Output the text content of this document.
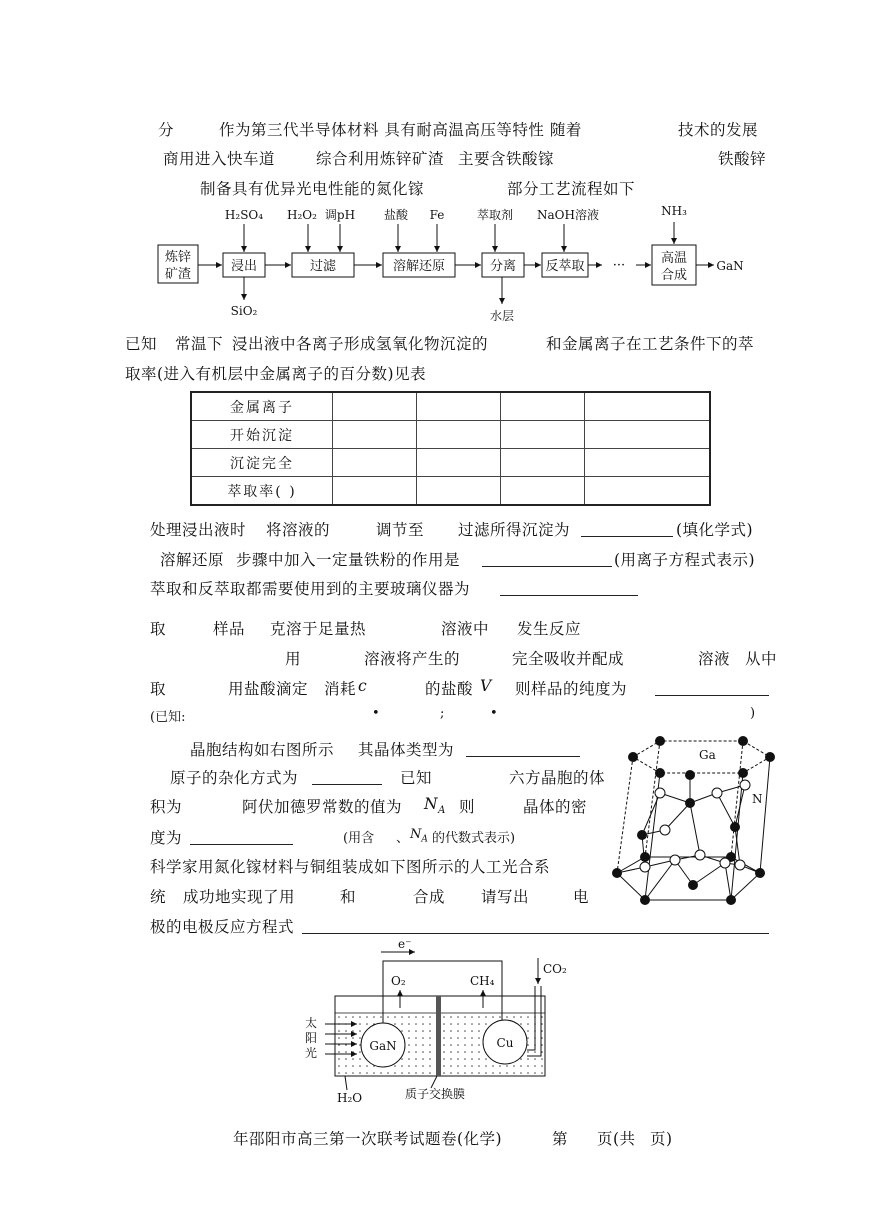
分	作为第三代半导体材料 具有耐高温高压等特性 随着	技术的发展
商用进入快车道	综合利用炼锌矿渣 主要含铁酸镓	铁酸锌
制备具有优异光电性能的氮化镓	部分工艺流程如下
炼锌
矿渣
浸出	过滤	溶解还原	分离 反萃取
高温
合成
···
H₂SO₄ H₂O₂ 调pH 盐酸 Fe	萃取剂 NaOH溶液	NH₃
GaN
SiO₂	水层
已知 常温下 浸出液中各离子形成氢氧化物沉淀的	和金属离子在工艺条件下的萃
取率(进入有机层中金属离子的百分数)见表
金属离子				
开始沉淀				
沉淀完全				
萃取率( )				
处理浸出液时 将溶液的	调节至 过滤所得沉淀为	(填化学式)
溶解还原 步骤中加入一定量铁粉的作用是	(用离子方程式表示)
萃取和反萃取都需要使用到的主要玻璃仪器为
取	样品 克溶于足量热	溶液中 发生反应
用	溶液将产生的	完全吸收并配成	溶液 从中
取	用盐酸滴定 消耗 c	的盐酸 V 则样品的纯度为
(已知:	•	;	•	)
晶胞结构如右图所示 其晶体类型为
原子的杂化方式为	已知	六方晶胞的体
积为	阿伏加德罗常数的值为 $N_A$ 则	晶体的密
度为	(用含 、 $N_A$ 的代数式表示)
Ga
N
科学家用氮化镓材料与铜组装成如下图所示的人工光合系
统 成功地实现了用	和	合成 请写出	电
极的电极反应方程式
e⁻
O₂	CH₄
CO₂
太
阳
光	GaN	Cu
H₂O	质子交换膜
年邵阳市高三第一次联考试题卷(化学)	第 页(共 页)
